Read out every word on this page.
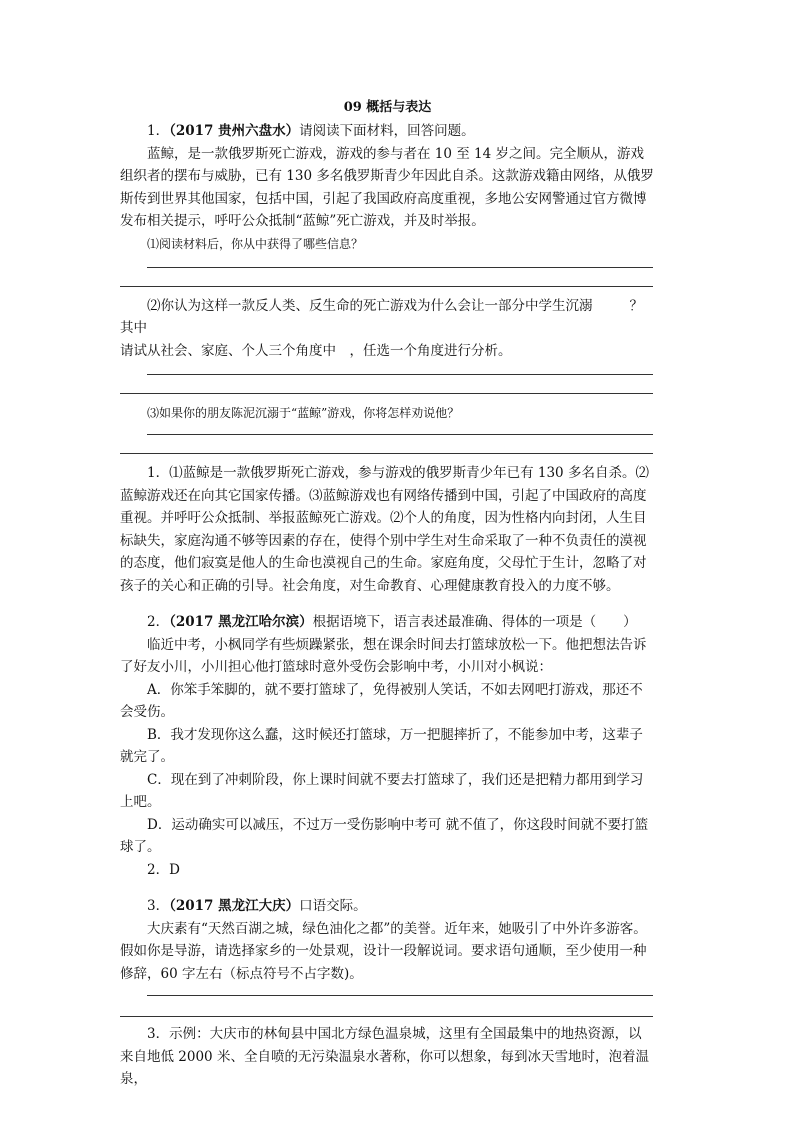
09 概括与表达

1．（2017 贵州六盘水）请阅读下面材料，回答问题。

蓝鲸，是一款俄罗斯死亡游戏，游戏的参与者在 10 至 14 岁之间。完全顺从，游戏组织者的摆布与威胁，已有 130 多名俄罗斯青少年因此自杀。这款游戏籍由网络，从俄罗斯传到世界其他国家，包括中国，引起了我国政府高度重视，多地公安网警通过官方微博发布相关提示，呼吁公众抵制“蓝鲸”死亡游戏，并及时举报。

⑴阅读材料后，你从中获得了哪些信息？

⑵你认为这样一款反人类、反生命的死亡游戏为什么会让一部分中学生沉溺其中
？

请试从社会、家庭、个人三个角度中　，任选一个角度进行分析。

⑶如果你的朋友陈泥沉溺于“蓝鲸”游戏，你将怎样劝说他？

1．⑴蓝鲸是一款俄罗斯死亡游戏，参与游戏的俄罗斯青少年已有 130 多名自杀。⑵蓝鲸游戏还在向其它国家传播。⑶蓝鲸游戏也有网络传播到中国，引起了中国政府的高度重视。并呼吁公众抵制、举报蓝鲸死亡游戏。⑵个人的角度，因为性格内向封闭，人生目标缺失，家庭沟通不够等因素的存在，使得个别中学生对生命采取了一种不负责任的漠视的态度，他们寂寞是他人的生命也漠视自己的生命。家庭角度，父母忙于生计，忽略了对孩子的关心和正确的引导。社会角度，对生命教育、心理健康教育投入的力度不够。

2．（2017 黑龙江哈尔滨）根据语境下，语言表述最准确、得体的一项是（　　）

临近中考，小枫同学有些烦躁紧张，想在课余时间去打篮球放松一下。他把想法告诉了好友小川，小川担心他打篮球时意外受伤会影响中考，小川对小枫说：

A．你笨手笨脚的，就不要打篮球了，免得被别人笑话，不如去网吧打游戏，那还不会受伤。

B．我才发现你这么蠢，这时候还打篮球，万一把腿摔折了，不能参加中考，这辈子就完了。

C．现在到了冲刺阶段，你上课时间就不要去打篮球了，我们还是把精力都用到学习上吧。

D．运动确实可以减压，不过万一受伤影响中考可 就不值了，你这段时间就不要打篮球了。

2．D

3．（2017 黑龙江大庆）口语交际。

大庆素有“天然百湖之城，绿色油化之都”的美誉。近年来，她吸引了中外许多游客。假如你是导游，请选择家乡的一处景观，设计一段解说词。要求语句通顺，至少使用一种修辞，60 字左右（标点符号不占字数)。

3．示例：大庆市的林甸县中国北方绿色温泉城，这里有全国最集中的地热资源，以来自地低 2000 米、全自喷的无污染温泉水著称，你可以想象，每到冰天雪地时，泡着温泉，
